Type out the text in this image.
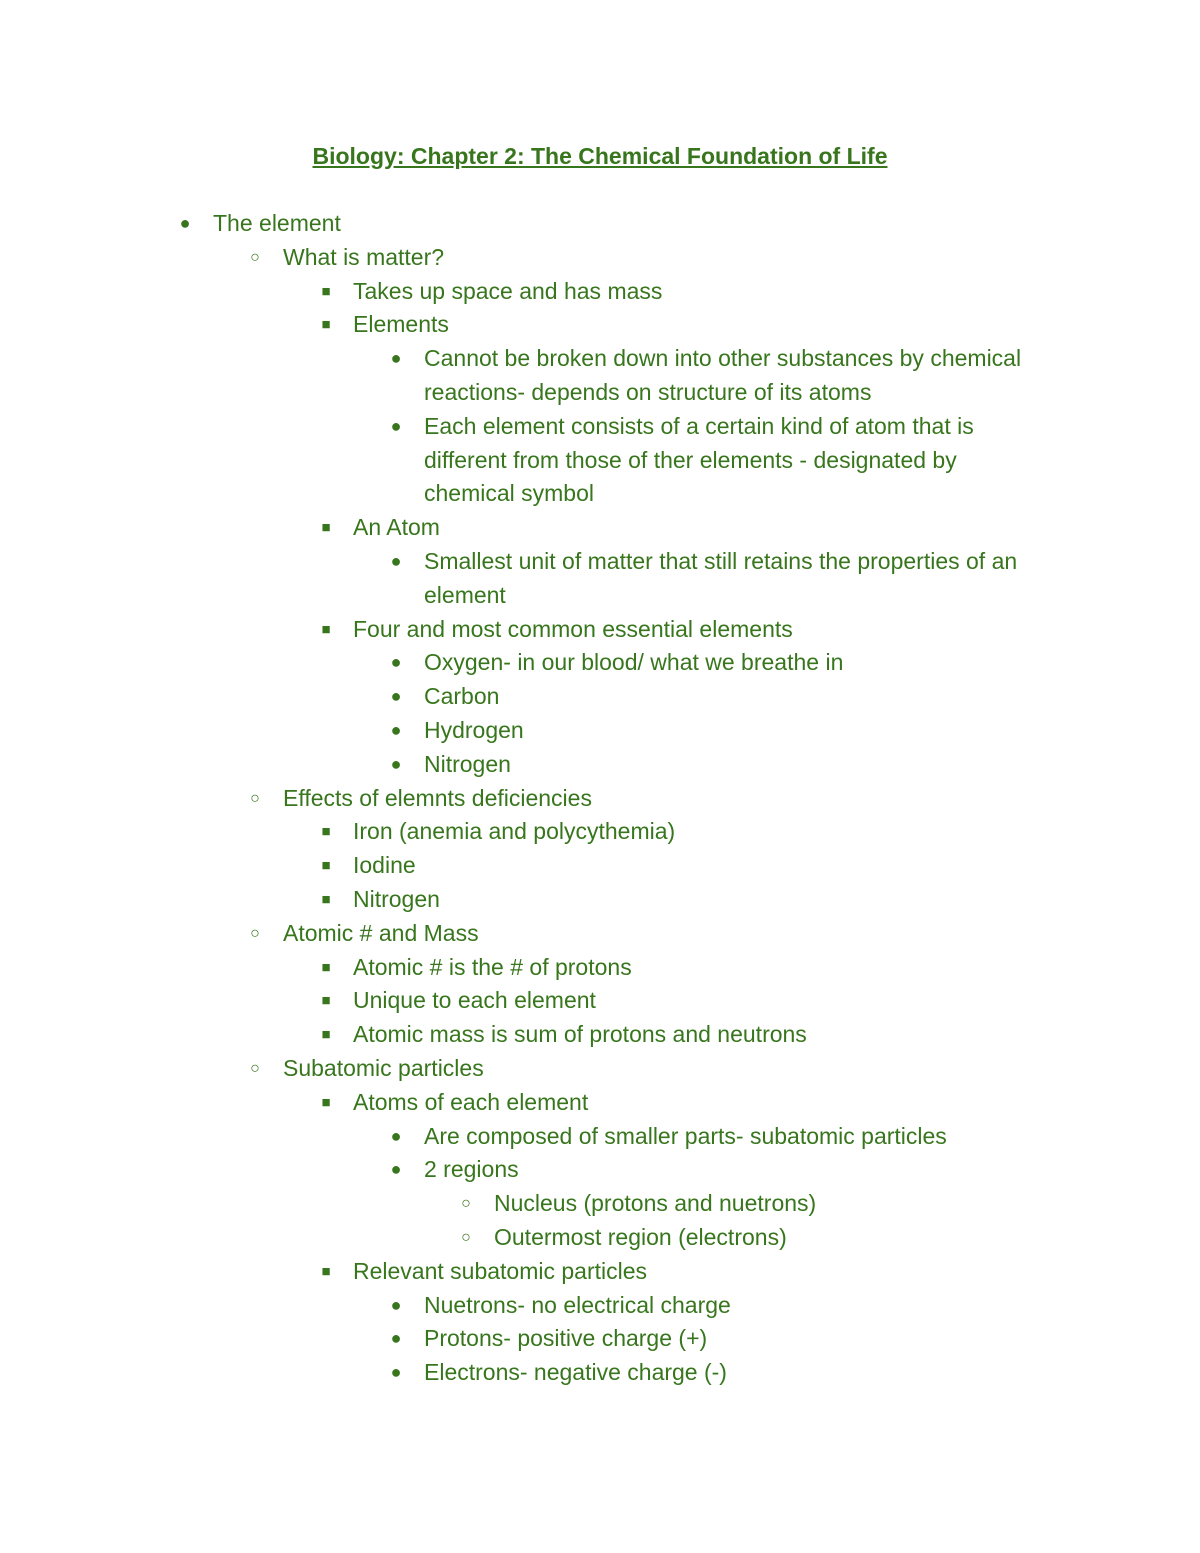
Biology: Chapter 2: The Chemical Foundation of Life
● The element
○ What is matter?
■ Takes up space and has mass
■ Elements
● Cannot be broken down into other substances by chemical reactions- depends on structure of its atoms
● Each element consists of a certain kind of atom that is different from those of ther elements - designated by chemical symbol
■ An Atom
● Smallest unit of matter that still retains the properties of an element
■ Four and most common essential elements
● Oxygen- in our blood/ what we breathe in
● Carbon
● Hydrogen
● Nitrogen
○ Effects of elemnts deficiencies
■ Iron (anemia and polycythemia)
■ Iodine
■ Nitrogen
○ Atomic # and Mass
■ Atomic # is the # of protons
■ Unique to each element
■ Atomic mass is sum of protons and neutrons
○ Subatomic particles
■ Atoms of each element
● Are composed of smaller parts- subatomic particles
● 2 regions
○ Nucleus (protons and nuetrons)
○ Outermost region (electrons)
■ Relevant subatomic particles
● Nuetrons- no electrical charge
● Protons- positive charge (+)
● Electrons- negative charge (-)
